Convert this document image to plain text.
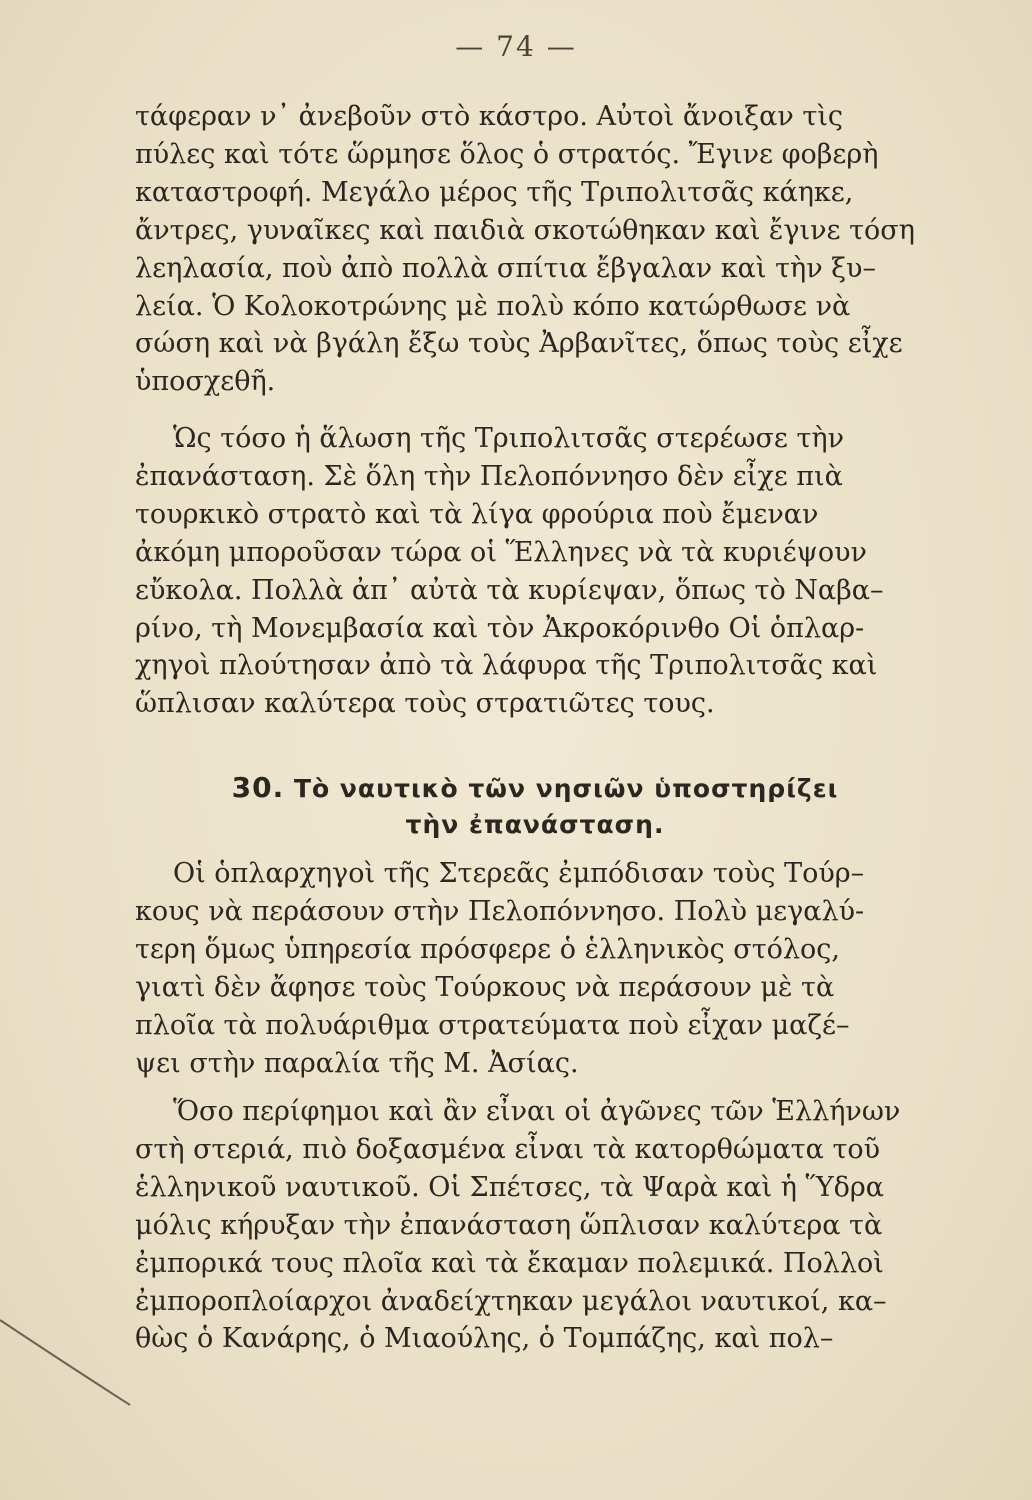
— 74 —
τάφεραν ν᾽ ἀνεβοῦν στὸ κάστρο. Αὐτοὶ ἄνοιξαν τὶς
πύλες καὶ τότε ὥρμησε ὅλος ὁ στρατός. Ἔγινε φοβερὴ
καταστροφή. Μεγάλο μέρος τῆς Τριπολιτσᾶς κάηκε,
ἄντρες, γυναῖκες καὶ παιδιὰ σκοτώθηκαν καὶ ἔγινε τόση
λεηλασία, ποὺ ἀπὸ πολλὰ σπίτια ἔβγαλαν καὶ τὴν ξυ–
λεία. Ὁ Κολοκοτρώνης μὲ πολὺ κόπο κατώρθωσε νὰ
σώση καὶ νὰ βγάλη ἔξω τοὺς Ἀρβανῖτες, ὅπως τοὺς εἶχε
ὑποσχεθῆ.
Ὡς τόσο ἡ ἅλωση τῆς Τριπολιτσᾶς στερέωσε τὴν
ἐπανάσταση. Σὲ ὅλη τὴν Πελοπόννησο δὲν εἶχε πιὰ
τουρκικὸ στρατὸ καὶ τὰ λίγα φρούρια ποὺ ἔμεναν
ἀκόμη μποροῦσαν τώρα οἱ Ἕλληνες νὰ τὰ κυριέψουν
εὔκολα. Πολλὰ ἀπ᾽ αὐτὰ τὰ κυρίεψαν, ὅπως τὸ Ναβα–
ρίνο, τὴ Μονεμβασία καὶ τὸν Ἀκροκόρινθο Οἱ ὁπλαρ-
χηγοὶ πλούτησαν ἀπὸ τὰ λάφυρα τῆς Τριπολιτσᾶς καὶ
ὥπλισαν καλύτερα τοὺς στρατιῶτες τους.
30. Τὸ ναυτικὸ τῶν νησιῶν ὑποστηρίζει
τὴν ἐπανάσταση.
Οἱ ὁπλαρχηγοὶ τῆς Στερεᾶς ἐμπόδισαν τοὺς Τούρ–
κους νὰ περάσουν στὴν Πελοπόννησο. Πολὺ μεγαλύ-
τερη ὅμως ὑπηρεσία πρόσφερε ὁ ἑλληνικὸς στόλος,
γιατὶ δὲν ἄφησε τοὺς Τούρκους νὰ περάσουν μὲ τὰ
πλοῖα τὰ πολυάριθμα στρατεύματα ποὺ εἶχαν μαζέ–
ψει στὴν παραλία τῆς Μ. Ἀσίας.
Ὅσο περίφημοι καὶ ἂν εἶναι οἱ ἀγῶνες τῶν Ἑλλήνων
στὴ στεριά, πιὸ δοξασμένα εἶναι τὰ κατορθώματα τοῦ
ἑλληνικοῦ ναυτικοῦ. Οἱ Σπέτσες, τὰ Ψαρὰ καὶ ἡ Ὕδρα
μόλις κήρυξαν τὴν ἐπανάσταση ὥπλισαν καλύτερα τὰ
ἐμπορικά τους πλοῖα καὶ τὰ ἔκαμαν πολεμικά. Πολλοὶ
ἐμποροπλοίαρχοι ἀναδείχτηκαν μεγάλοι ναυτικοί, κα–
θὼς ὁ Κανάρης, ὁ Μιαούλης, ὁ Τομπάζης, καὶ πολ–
